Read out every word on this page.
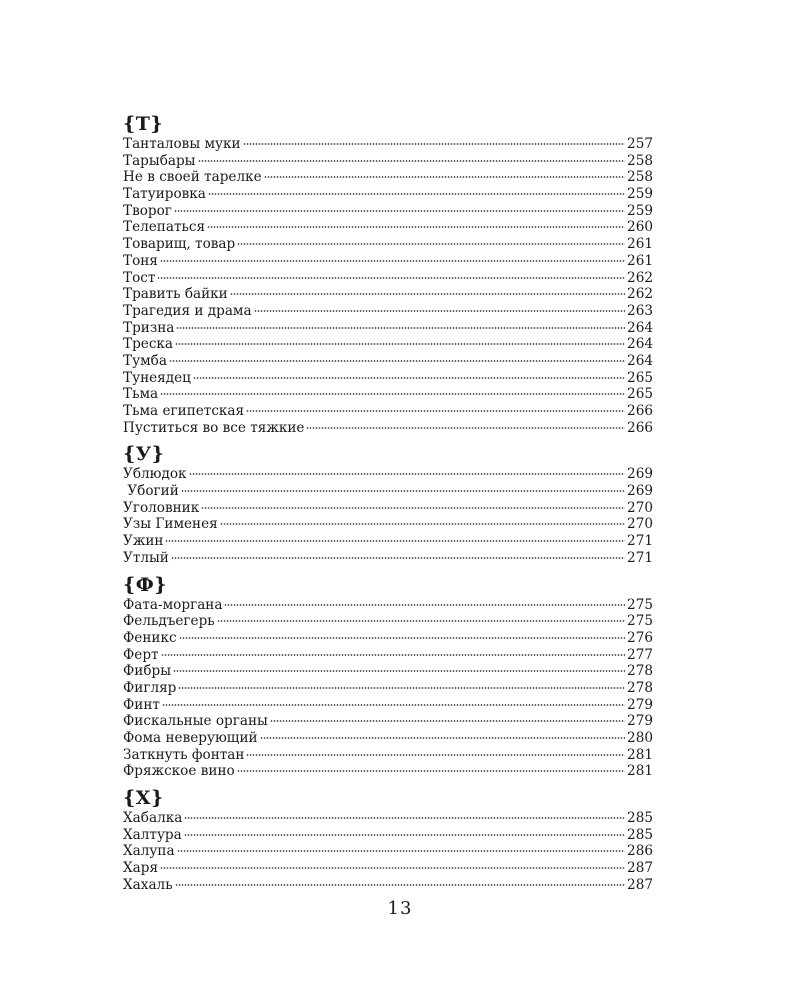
{Т}
Танталовы муки	257
Тарыбары	258
Не в своей тарелке	258
Татуировка	259
Творог	259
Телепаться	260
Товарищ, товар	261
Тоня	261
Тост	262
Травить байки	262
Трагедия и драма	263
Тризна	264
Треска	264
Тумба	264
Тунеядец	265
Тьма	265
Тьма египетская	266
Пуститься во все тяжкие	266
{У}
Ублюдок	269
Убогий	269
Уголовник	270
Узы Гименея	270
Ужин	271
Утлый	271
{Ф}
Фата-моргана	275
Фельдъегерь	275
Феникс	276
Ферт	277
Фибры	278
Фигляр	278
Финт	279
Фискальные органы	279
Фома неверующий	280
Заткнуть фонтан	281
Фряжское вино	281
{Х}
Хабалка	285
Халтура	285
Халупа	286
Харя	287
Хахаль	287
13
